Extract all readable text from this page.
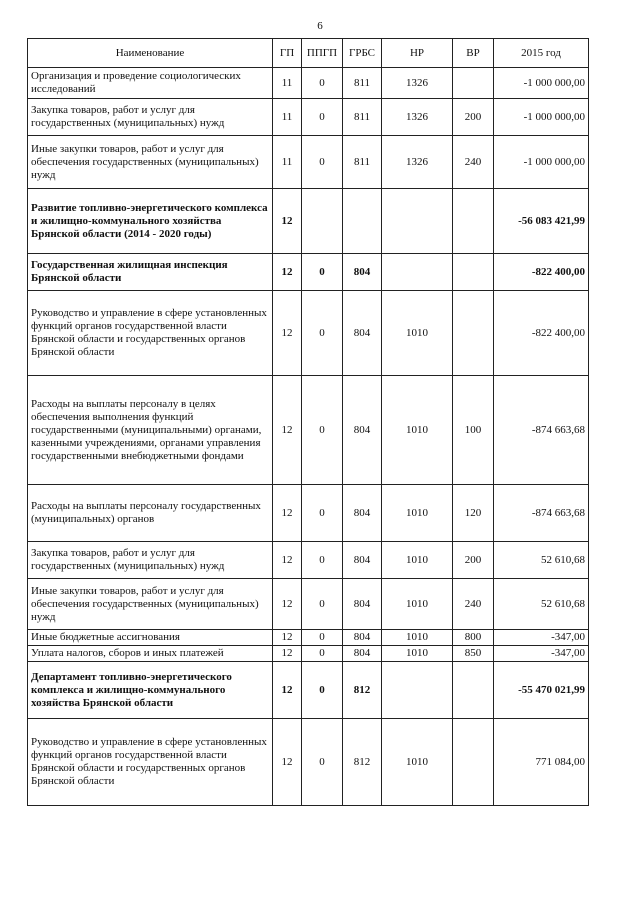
6
Наименование	ГП	ППГП	ГРБС	НР	ВР	2015 год
Организация и проведение социологических исследований	11	0	811	1326		-1 000 000,00
Закупка товаров, работ и услуг для государственных (муниципальных) нужд	11	0	811	1326	200	-1 000 000,00
Иные закупки товаров, работ и услуг для обеспечения государственных (муниципальных) нужд	11	0	811	1326	240	-1 000 000,00
Развитие топливно-энергетического комплекса и жилищно-коммунального хозяйства Брянской области (2014 - 2020 годы)	12					-56 083 421,99
Государственная жилищная инспекция Брянской области	12	0	804			-822 400,00
Руководство и управление в сфере установленных функций органов государственной власти Брянской области и государственных органов Брянской области	12	0	804	1010		-822 400,00
Расходы на выплаты персоналу в целях обеспечения выполнения функций государственными (муниципальными) органами, казенными учреждениями, органами управления государственными внебюджетными фондами	12	0	804	1010	100	-874 663,68
Расходы на выплаты персоналу государственных (муниципальных) органов	12	0	804	1010	120	-874 663,68
Закупка товаров, работ и услуг для государственных (муниципальных) нужд	12	0	804	1010	200	52 610,68
Иные закупки товаров, работ и услуг для обеспечения государственных (муниципальных) нужд	12	0	804	1010	240	52 610,68
Иные бюджетные ассигнования	12	0	804	1010	800	-347,00
Уплата налогов, сборов и иных платежей	12	0	804	1010	850	-347,00
Департамент топливно-энергетического комплекса и жилищно-коммунального хозяйства Брянской области	12	0	812			-55 470 021,99
Руководство и управление в сфере установленных функций органов государственной власти Брянской области и государственных органов Брянской области	12	0	812	1010		771 084,00
